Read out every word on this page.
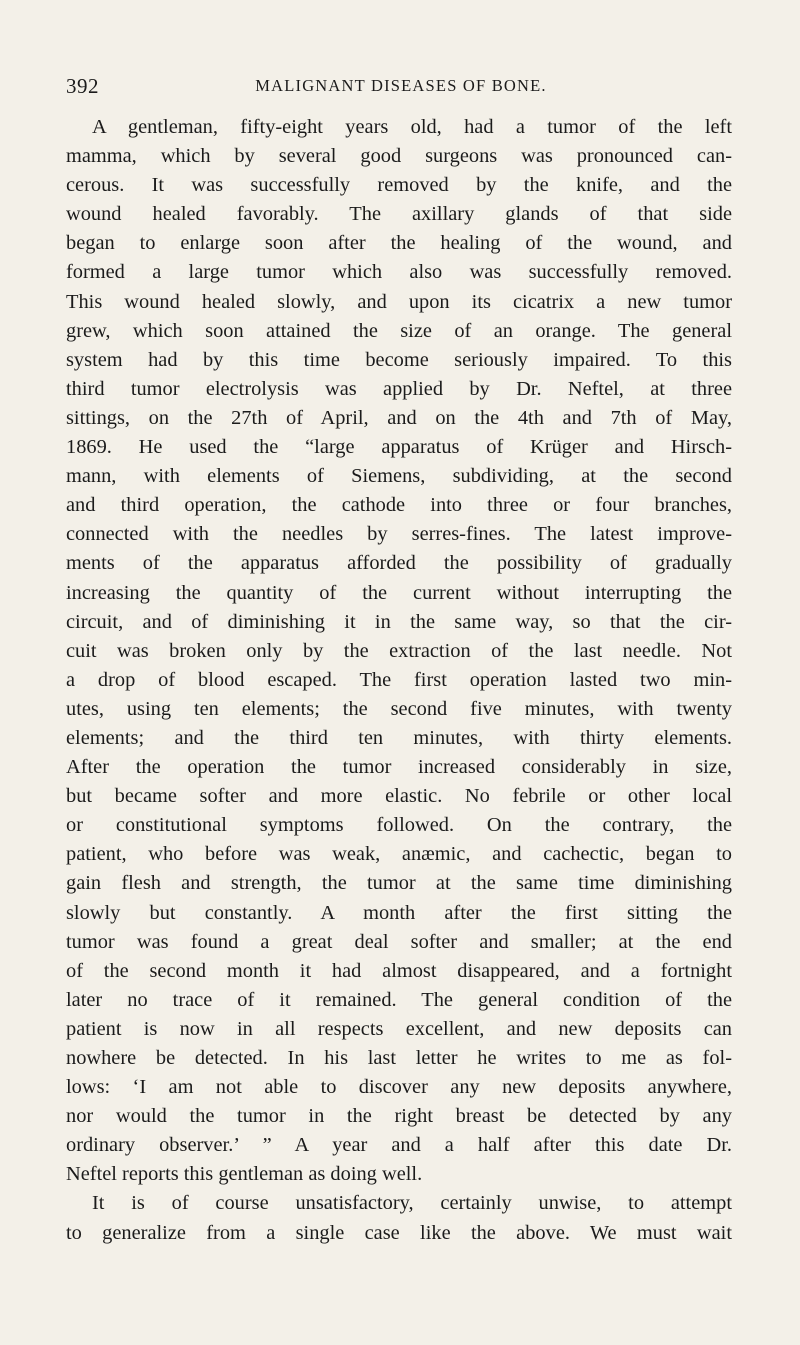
392	MALIGNANT DISEASES OF BONE.
A gentleman, fifty-eight years old, had a tumor of the left
mamma, which by several good surgeons was pronounced can-
cerous. It was successfully removed by the knife, and the
wound healed favorably. The axillary glands of that side
began to enlarge soon after the healing of the wound, and
formed a large tumor which also was successfully removed.
This wound healed slowly, and upon its cicatrix a new tumor
grew, which soon attained the size of an orange. The general
system had by this time become seriously impaired. To this
third tumor electrolysis was applied by Dr. Neftel, at three
sittings, on the 27th of April, and on the 4th and 7th of May,
1869. He used the “large apparatus of Krüger and Hirsch-
mann, with elements of Siemens, subdividing, at the second
and third operation, the cathode into three or four branches,
connected with the needles by serres-fines. The latest improve-
ments of the apparatus afforded the possibility of gradually
increasing the quantity of the current without interrupting the
circuit, and of diminishing it in the same way, so that the cir-
cuit was broken only by the extraction of the last needle. Not
a drop of blood escaped. The first operation lasted two min-
utes, using ten elements; the second five minutes, with twenty
elements; and the third ten minutes, with thirty elements.
After the operation the tumor increased considerably in size,
but became softer and more elastic. No febrile or other local
or constitutional symptoms followed. On the contrary, the
patient, who before was weak, anæmic, and cachectic, began to
gain flesh and strength, the tumor at the same time diminishing
slowly but constantly. A month after the first sitting the
tumor was found a great deal softer and smaller; at the end
of the second month it had almost disappeared, and a fortnight
later no trace of it remained. The general condition of the
patient is now in all respects excellent, and new deposits can
nowhere be detected. In his last letter he writes to me as fol-
lows: ‘I am not able to discover any new deposits anywhere,
nor would the tumor in the right breast be detected by any
ordinary observer.’ ” A year and a half after this date Dr.
Neftel reports this gentleman as doing well.
It is of course unsatisfactory, certainly unwise, to attempt
to generalize from a single case like the above. We must wait
